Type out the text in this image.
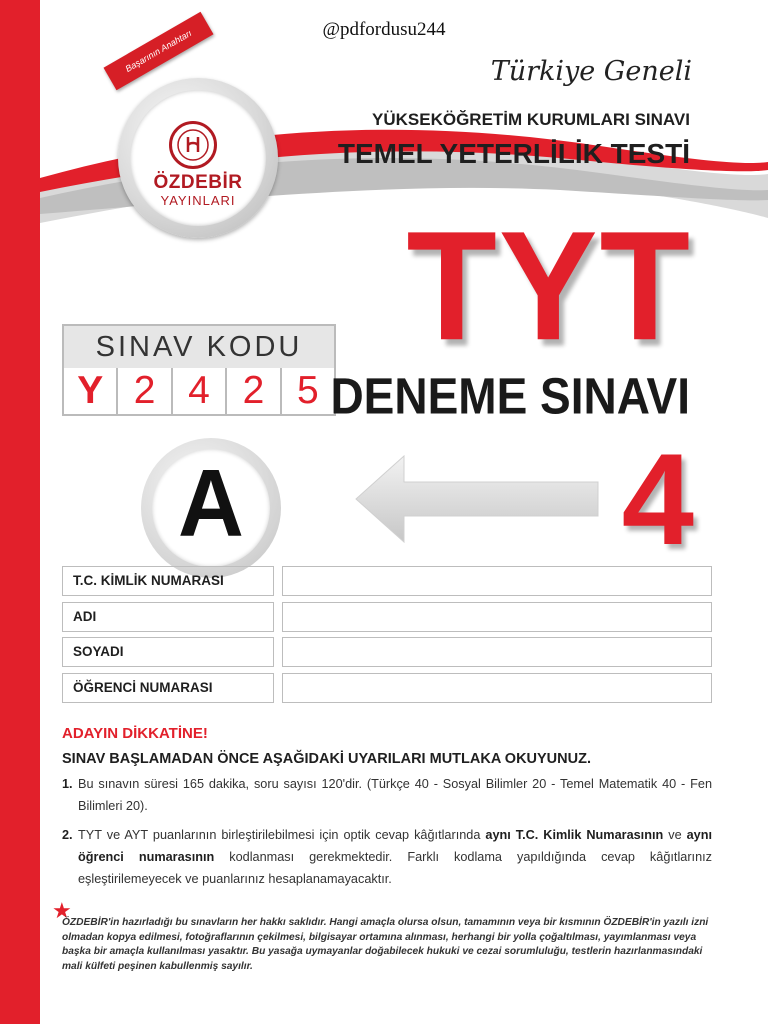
@pdfordusu244
Başarının Anahtarı
ÖZDEBİR
YAYINLARI
Türkiye Geneli
YÜKSEKÖĞRETİM KURUMLARI SINAVI
TEMEL YETERLİLİK TESTİ
TYT
SINAV KODU
Y 2 4 2 5 DENEME SINAVI
A	4
T.C. KİMLİK NUMARASI
ADI
SOYADI
ÖĞRENCİ NUMARASI
ADAYIN DİKKATİNE!
SINAV BAŞLAMADAN ÖNCE AŞAĞIDAKİ UYARILARI MUTLAKA OKUYUNUZ.
1. Bu sınavın süresi 165 dakika, soru sayısı 120'dir. (Türkçe 40 - Sosyal Bilimler 20 - Temel Matematik 40 - Fen Bilimleri 20).
2. TYT ve AYT puanlarının birleştirilebilmesi için optik cevap kâğıtlarında aynı T.C. Kimlik Numarasının ve aynı öğrenci numarasının kodlanması gerekmektedir. Farklı kodlama yapıldığında cevap kâğıtlarınız eşleştirilemeyecek ve puanlarınız hesaplanamayacaktır.
★
ÖZDEBİR'in hazırladığı bu sınavların her hakkı saklıdır. Hangi amaçla olursa olsun, tamamının veya bir kısmının ÖZDEBİR'in yazılı izni olmadan kopya edilmesi, fotoğraflarının çekilmesi, bilgisayar ortamına alınması, herhangi bir yolla çoğaltılması, yayımlanması veya başka bir amaçla kullanılması yasaktır. Bu yasağa uymayanlar doğabilecek hukuki ve cezai sorumluluğu, testlerin hazırlanmasındaki mali külfeti peşinen kabullenmiş sayılır.
